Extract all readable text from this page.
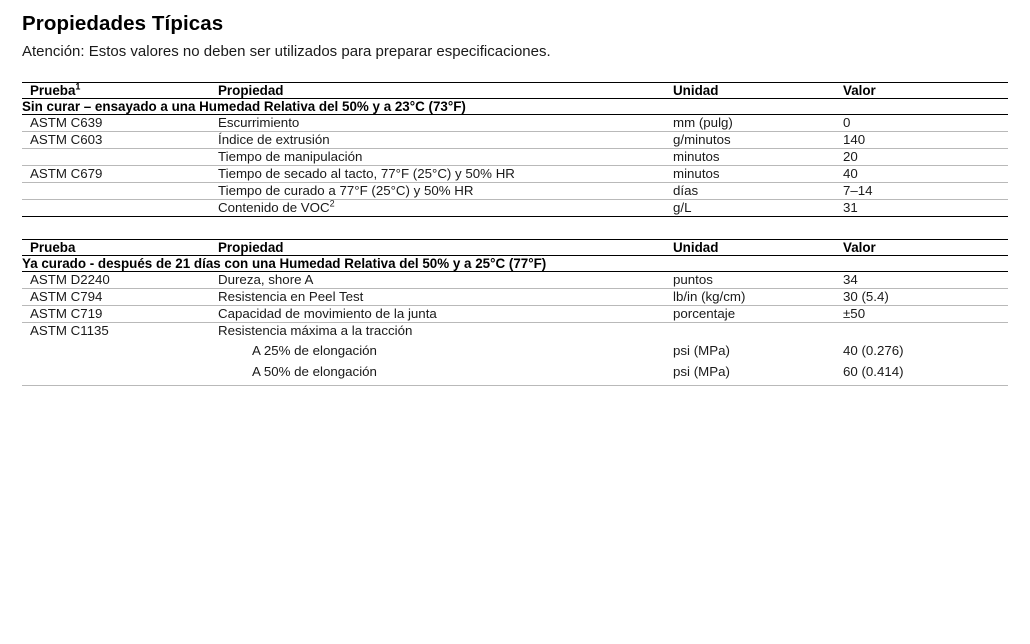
Propiedades Típicas

Atención: Estos valores no deben ser utilizados para preparar especificaciones.

Prueba$^1$	Propiedad	Unidad	Valor
Sin curar – ensayado a una Humedad Relativa del 50% y a 23°C (73°F)			
ASTM C639	Escurrimiento	mm (pulg)	0
ASTM C603	Índice de extrusión	g/minutos	140
	Tiempo de manipulación	minutos	20
ASTM C679	Tiempo de secado al tacto, 77°F (25°C) y 50% HR	minutos	40
	Tiempo de curado a 77°F (25°C) y 50% HR	días	7–14
	Contenido de VOC$^2$	g/L	31
Prueba	Propiedad	Unidad	Valor
Ya curado - después de 21 días con una Humedad Relativa del 50% y a 25°C (77°F)			
ASTM D2240	Dureza, shore A	puntos	34
ASTM C794	Resistencia en Peel Test	lb/in (kg/cm)	30 (5.4)
ASTM C719	Capacidad de movimiento de la junta	porcentaje	±50
ASTM C1135	Resistencia máxima a la tracción		
	A 25% de elongación	psi (MPa)	40 (0.276)
	A 50% de elongación	psi (MPa)	60 (0.414)
